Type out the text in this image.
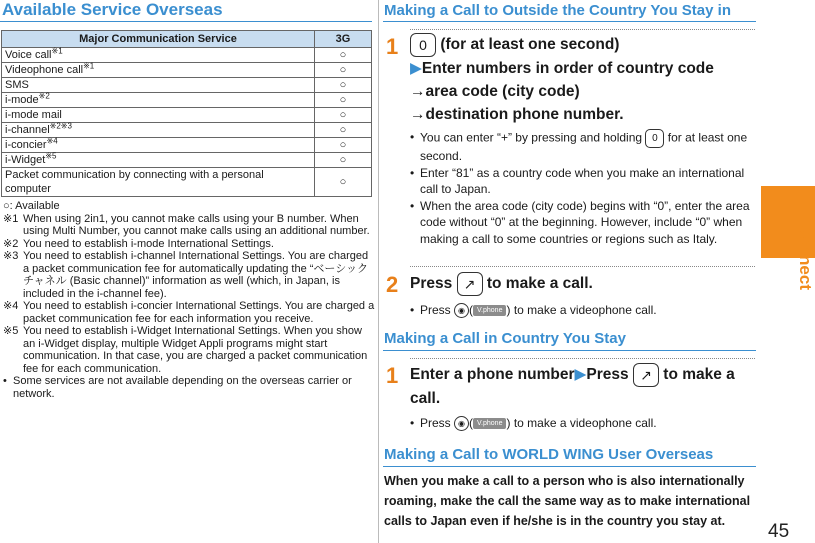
Available Service Overseas
Major Communication Service	3G
Voice call$^{※1}$	○
Videophone call$^{※1}$	○
SMS	○
i-mode$^{※2}$	○
i-mode mail	○
i-channel$^{※2※3}$	○
i-concier$^{※4}$	○
i-Widget$^{※5}$	○
Packet communication by connecting with a personal computer	○

○: Available

※1 When using 2in1, you cannot make calls using your B number. When using Multi Number, you cannot make calls using an additional number.

※2 You need to establish i-mode International Settings.

※3 You need to establish i-channel International Settings. You are charged a packet communication fee for automatically updating the “ベーシックチャネル (Basic channel)” information as well (which, in Japan, is included in the i-channel fee).

※4 You need to establish i-concier International Settings. You are charged a packet communication fee for each information you receive.

※5 You need to establish i-Widget International Settings. When you show an i-Widget display, multiple Widget Appli programs might start communication. In that case, you are charged a packet communication fee for each communication.

• Some services are not available depending on the overseas carrier or network.

Making a Call to Outside the Country You Stay in
1	0 (for at least one second)
▶Enter numbers in order of country code
→area code (city code)
→destination phone number.
• You can enter “+” by pressing and holding 0 for at least one second.
• Enter “81” as a country code when you make an international call to Japan.
• When the area code (city code) begins with “0”, enter the area code without “0” at the beginning. However, include “0” when making a call to some countries or regions such as Italy.
2 Press ↗ to make a call.
• Press ◉ ( V.phone ) to make a videophone call.
Making a Call in Country You Stay
1 Enter a phone number▶Press ↗ to make a call.
• Press ◉ ( V.phone ) to make a videophone call.
Making a Call to WORLD WING User Overseas
When you make a call to a person who is also internationally roaming, make the call the same way as to make international calls to Japan even if he/she is in the country you stay at.
Connect
45
